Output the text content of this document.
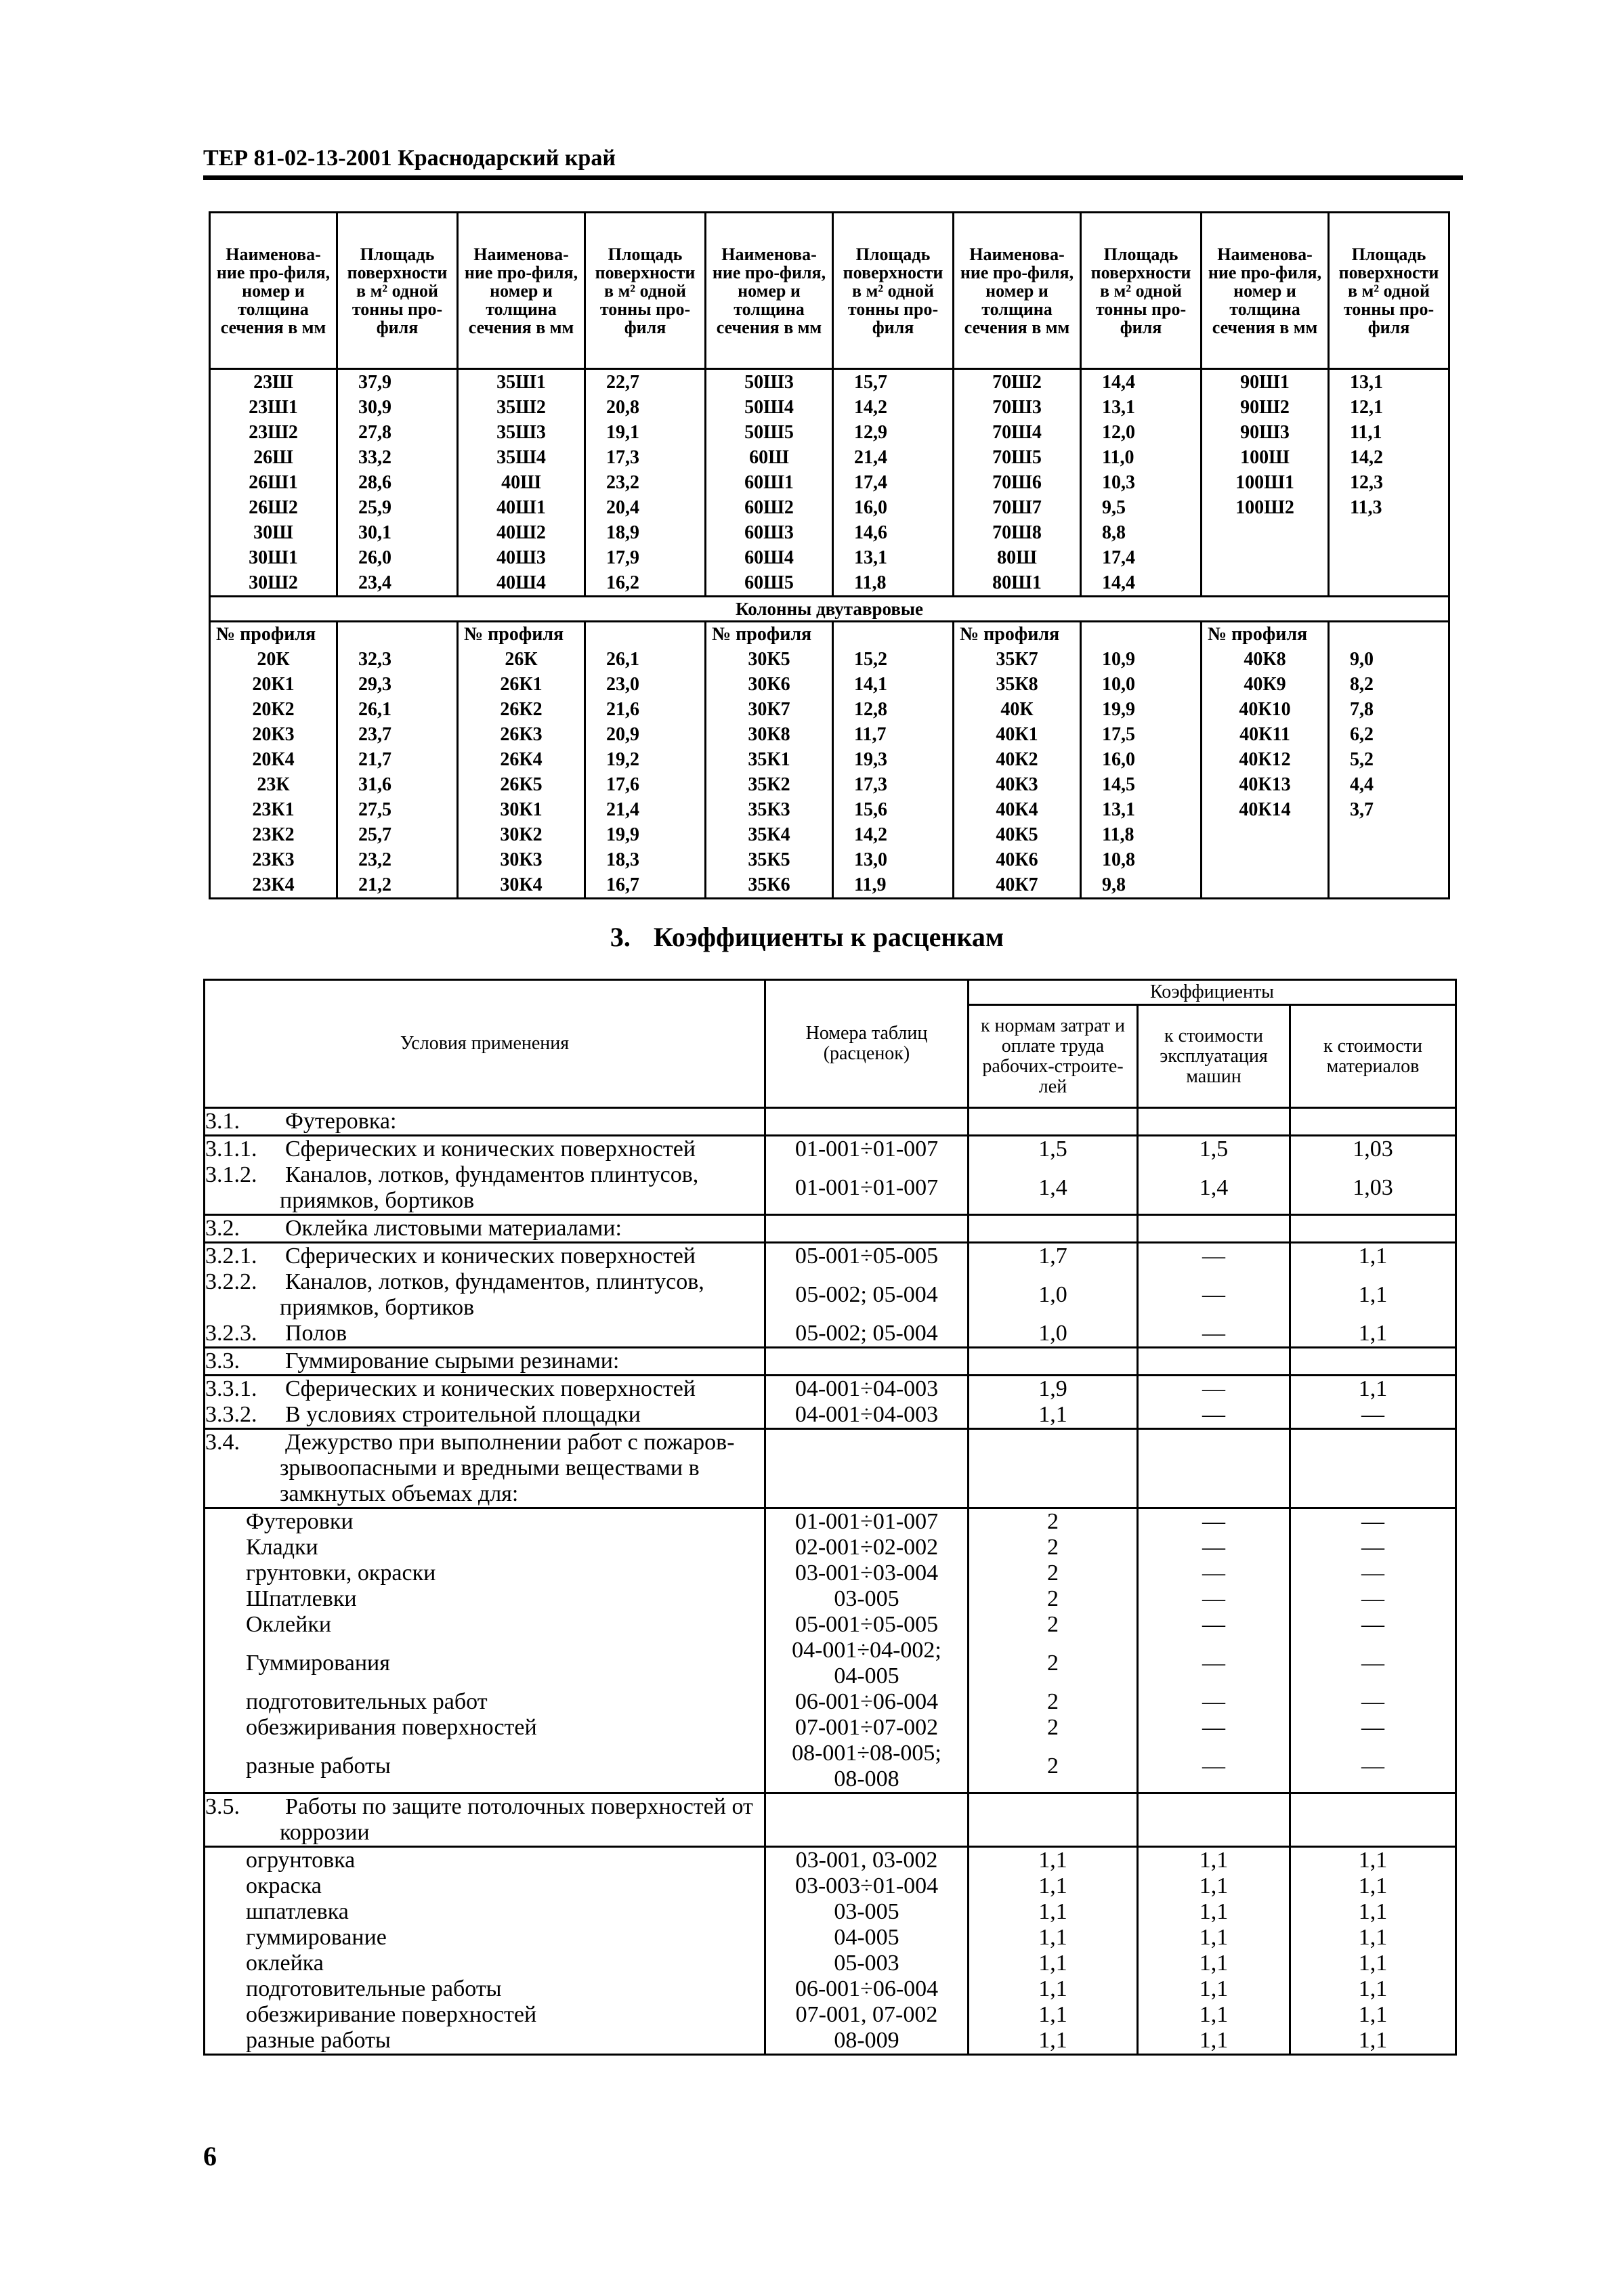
ТЕР 81-02-13-2001 Краснодарский край
Наименова-ние про-филя, номер и толщина сечения в мм	Площадь поверхности в м² одной тонны про-филя	Наименова-ние про-филя, номер и толщина сечения в мм	Площадь поверхности в м² одной тонны про-филя	Наименова-ние про-филя, номер и толщина сечения в мм	Площадь поверхности в м² одной тонны про-филя	Наименова-ние про-филя, номер и толщина сечения в мм	Площадь поверхности в м² одной тонны про-филя	Наименова-ние про-филя, номер и толщина сечения в мм	Площадь поверхности в м² одной тонны про-филя
23Ш	37,9	35Ш1	22,7	50Ш3	15,7	70Ш2	14,4	90Ш1	13,1
23Ш1	30,9	35Ш2	20,8	50Ш4	14,2	70Ш3	13,1	90Ш2	12,1
23Ш2	27,8	35Ш3	19,1	50Ш5	12,9	70Ш4	12,0	90Ш3	11,1
26Ш	33,2	35Ш4	17,3	60Ш	21,4	70Ш5	11,0	100Ш	14,2
26Ш1	28,6	40Ш	23,2	60Ш1	17,4	70Ш6	10,3	100Ш1	12,3
26Ш2	25,9	40Ш1	20,4	60Ш2	16,0	70Ш7	9,5	100Ш2	11,3
30Ш	30,1	40Ш2	18,9	60Ш3	14,6	70Ш8	8,8		
30Ш1	26,0	40Ш3	17,9	60Ш4	13,1	80Ш	17,4		
30Ш2	23,4	40Ш4	16,2	60Ш5	11,8	80Ш1	14,4		
Колонны двутавровые									
№ профиля		№ профиля		№ профиля		№ профиля		№ профиля	
20К	32,3	26К	26,1	30К5	15,2	35К7	10,9	40К8	9,0
20К1	29,3	26К1	23,0	30К6	14,1	35К8	10,0	40К9	8,2
20К2	26,1	26К2	21,6	30К7	12,8	40К	19,9	40К10	7,8
20К3	23,7	26К3	20,9	30К8	11,7	40К1	17,5	40К11	6,2
20К4	21,7	26К4	19,2	35К1	19,3	40К2	16,0	40К12	5,2
23К	31,6	26К5	17,6	35К2	17,3	40К3	14,5	40К13	4,4
23К1	27,5	30К1	21,4	35К3	15,6	40К4	13,1	40К14	3,7
23К2	25,7	30К2	19,9	35К4	14,2	40К5	11,8		
23К3	23,2	30К3	18,3	35К5	13,0	40К6	10,8		
23К4	21,2	30К4	16,7	35К6	11,9	40К7	9,8		
3. Коэффициенты к расценкам
Условия применения	Номера таблиц (расценок)	Коэффициенты		
		к нормам затрат и оплате труда рабочих-строите-лей	к стоимости эксплуатация машин	к стоимости материалов
3.1. Футеровка:				
3.1.1. Сферических и конических поверхностей	01-001÷01-007	1,5	1,5	1,03
3.1.2. Каналов, лотков, фундаментов плинтусов,
приямков, бортиков	01-001÷01-007	1,4	1,4	1,03
3.2. Оклейка листовыми материалами:				
3.2.1. Сферических и конических поверхностей	05-001÷05-005	1,7	—	1,1
3.2.2. Каналов, лотков, фундаментов, плинтусов,
приямков, бортиков	05-002; 05-004	1,0	—	1,1
3.2.3. Полов	05-002; 05-004	1,0	—	1,1
3.3. Гуммирование сырыми резинами:				
3.3.1. Сферических и конических поверхностей	04-001÷04-003	1,9	—	1,1
3.3.2. В условиях строительной площадки	04-001÷04-003	1,1	—	—
3.4. Дежурство при выполнении работ с пожаров-
зрывоопасными и вредными веществами в
замкнутых объемах для:				
Футеровки	01-001÷01-007	2	—	—
Кладки	02-001÷02-002	2	—	—
грунтовки, окраски	03-001÷03-004	2	—	—
Шпатлевки	03-005	2	—	—
Оклейки	05-001÷05-005	2	—	—
Гуммирования	04-001÷04-002;
04-005	2	—	—
подготовительных работ	06-001÷06-004	2	—	—
обезжиривания поверхностей	07-001÷07-002	2	—	—
разные работы	08-001÷08-005;
08-008	2	—	—
3.5. Работы по защите потолочных поверхностей от
коррозии				
огрунтовка	03-001, 03-002	1,1	1,1	1,1
окраска	03-003÷01-004	1,1	1,1	1,1
шпатлевка	03-005	1,1	1,1	1,1
гуммирование	04-005	1,1	1,1	1,1
оклейка	05-003	1,1	1,1	1,1
подготовительные работы	06-001÷06-004	1,1	1,1	1,1
обезжиривание поверхностей	07-001, 07-002	1,1	1,1	1,1
разные работы	08-009	1,1	1,1	1,1
6
